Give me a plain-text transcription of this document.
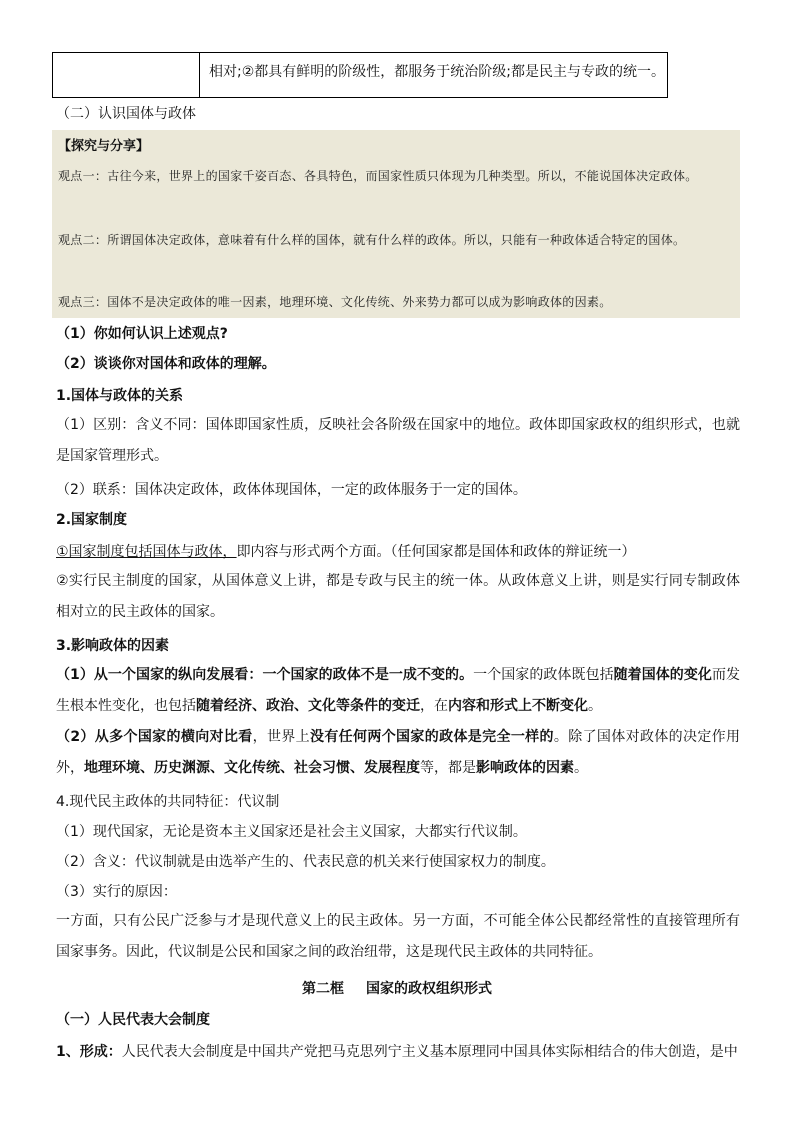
相对;②都具有鲜明的阶级性，都服务于统治阶级;都是民主与专政的统一。
（二）认识国体与政体
【探究与分享】
观点一：古往今来，世界上的国家千姿百态、各具特色，而国家性质只体现为几种类型。所以，不能说国体决定政体。
观点二：所谓国体决定政体，意味着有什么样的国体，就有什么样的政体。所以，只能有一种政体适合特定的国体。
观点三：国体不是决定政体的唯一因素，地理环境、文化传统、外来势力都可以成为影响政体的因素。
（1）你如何认识上述观点?
（2）谈谈你对国体和政体的理解。
1.国体与政体的关系
（1）区别：含义不同：国体即国家性质，反映社会各阶级在国家中的地位。政体即国家政权的组织形式，也就是国家管理形式。
（2）联系：国体决定政体，政体体现国体，一定的政体服务于一定的国体。
2.国家制度
①国家制度包括国体与政体，即内容与形式两个方面。（任何国家都是国体和政体的辩证统一）
②实行民主制度的国家，从国体意义上讲，都是专政与民主的统一体。从政体意义上讲，则是实行同专制政体相对立的民主政体的国家。
3.影响政体的因素
（1）从一个国家的纵向发展看：一个国家的政体不是一成不变的。一个国家的政体既包括随着国体的变化而发生根本性变化，也包括随着经济、政治、文化等条件的变迁，在内容和形式上不断变化。
（2）从多个国家的横向对比看，世界上没有任何两个国家的政体是完全一样的。除了国体对政体的决定作用外，地理环境、历史渊源、文化传统、社会习惯、发展程度等，都是影响政体的因素。
4.现代民主政体的共同特征：代议制
（1）现代国家，无论是资本主义国家还是社会主义国家，大都实行代议制。
（2）含义：代议制就是由选举产生的、代表民意的机关来行使国家权力的制度。
（3）实行的原因：
一方面，只有公民广泛参与才是现代意义上的民主政体。另一方面，不可能全体公民都经常性的直接管理所有国家事务。因此，代议制是公民和国家之间的政治纽带，这是现代民主政体的共同特征。
第二框 国家的政权组织形式
（一）人民代表大会制度
1、形成：人民代表大会制度是中国共产党把马克思列宁主义基本原理同中国具体实际相结合的伟大创造，是中
